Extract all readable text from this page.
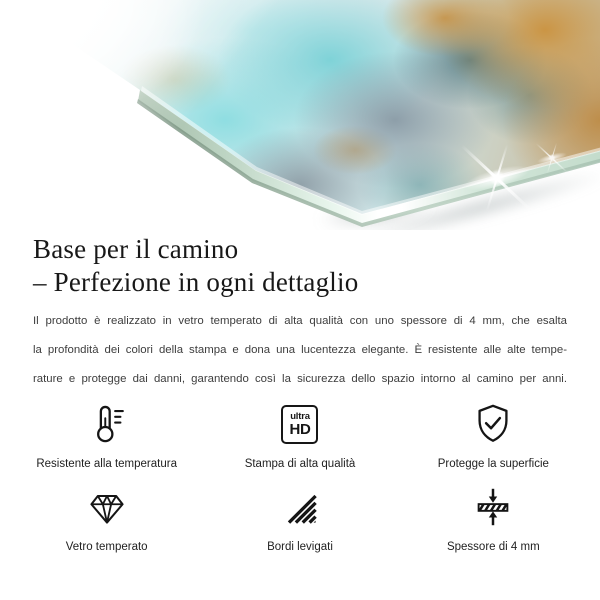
Base per il camino
– Perfezione in ogni dettaglio
Il prodotto è realizzato in vetro temperato di alta qualità con uno spessore di 4 mm, che esalta
la profondità dei colori della stampa e dona una lucentezza elegante. È resistente alle alte tempe-
rature e protegge dai danni, garantendo così la sicurezza dello spazio intorno al camino per anni.
Resistente alla temperatura
ultra
HD
Stampa di alta qualità	Protegge la superficie
Vetro temperato	Bordi levigati	Spessore di 4 mm
